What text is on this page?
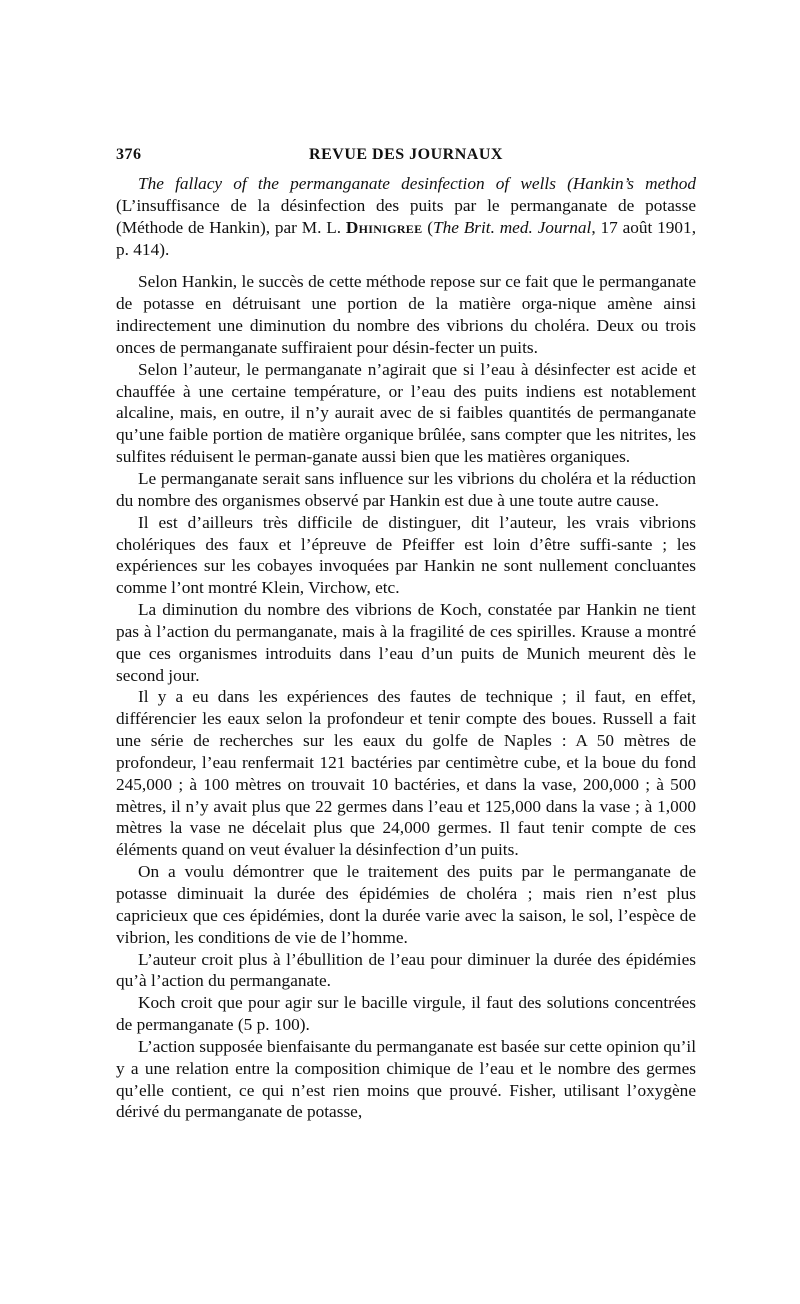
376	REVUE DES JOURNAUX

The fallacy of the permanganate desinfection of wells (Hankin’s method (L’insuffisance de la désinfection des puits par le permanganate de potasse (Méthode de Hankin), par M. L. Dhinigree (The Brit. med. Journal, 17 août 1901, p. 414).

Selon Hankin, le succès de cette méthode repose sur ce fait que le permanganate de potasse en détruisant une portion de la matière orga-nique amène ainsi indirectement une diminution du nombre des vibrions du choléra. Deux ou trois onces de permanganate suffiraient pour désin-fecter un puits.

Selon l’auteur, le permanganate n’agirait que si l’eau à désinfecter est acide et chauffée à une certaine température, or l’eau des puits indiens est notablement alcaline, mais, en outre, il n’y aurait avec de si faibles quantités de permanganate qu’une faible portion de matière organique brûlée, sans compter que les nitrites, les sulfites réduisent le perman-ganate aussi bien que les matières organiques.

Le permanganate serait sans influence sur les vibrions du choléra et la réduction du nombre des organismes observé par Hankin est due à une toute autre cause.

Il est d’ailleurs très difficile de distinguer, dit l’auteur, les vrais vibrions cholériques des faux et l’épreuve de Pfeiffer est loin d’être suffi-sante ; les expériences sur les cobayes invoquées par Hankin ne sont nullement concluantes comme l’ont montré Klein, Virchow, etc.

La diminution du nombre des vibrions de Koch, constatée par Hankin ne tient pas à l’action du permanganate, mais à la fragilité de ces spirilles. Krause a montré que ces organismes introduits dans l’eau d’un puits de Munich meurent dès le second jour.

Il y a eu dans les expériences des fautes de technique ; il faut, en effet, différencier les eaux selon la profondeur et tenir compte des boues. Russell a fait une série de recherches sur les eaux du golfe de Naples : A 50 mètres de profondeur, l’eau renfermait 121 bactéries par centimètre cube, et la boue du fond 245,000 ; à 100 mètres on trouvait 10 bactéries, et dans la vase, 200,000 ; à 500 mètres, il n’y avait plus que 22 germes dans l’eau et 125,000 dans la vase ; à 1,000 mètres la vase ne décelait plus que 24,000 germes. Il faut tenir compte de ces éléments quand on veut évaluer la désinfection d’un puits.

On a voulu démontrer que le traitement des puits par le permanganate de potasse diminuait la durée des épidémies de choléra ; mais rien n’est plus capricieux que ces épidémies, dont la durée varie avec la saison, le sol, l’espèce de vibrion, les conditions de vie de l’homme.

L’auteur croit plus à l’ébullition de l’eau pour diminuer la durée des épidémies qu’à l’action du permanganate.

Koch croit que pour agir sur le bacille virgule, il faut des solutions concentrées de permanganate (5 p. 100).

L’action supposée bienfaisante du permanganate est basée sur cette opinion qu’il y a une relation entre la composition chimique de l’eau et le nombre des germes qu’elle contient, ce qui n’est rien moins que prouvé. Fisher, utilisant l’oxygène dérivé du permanganate de potasse,
